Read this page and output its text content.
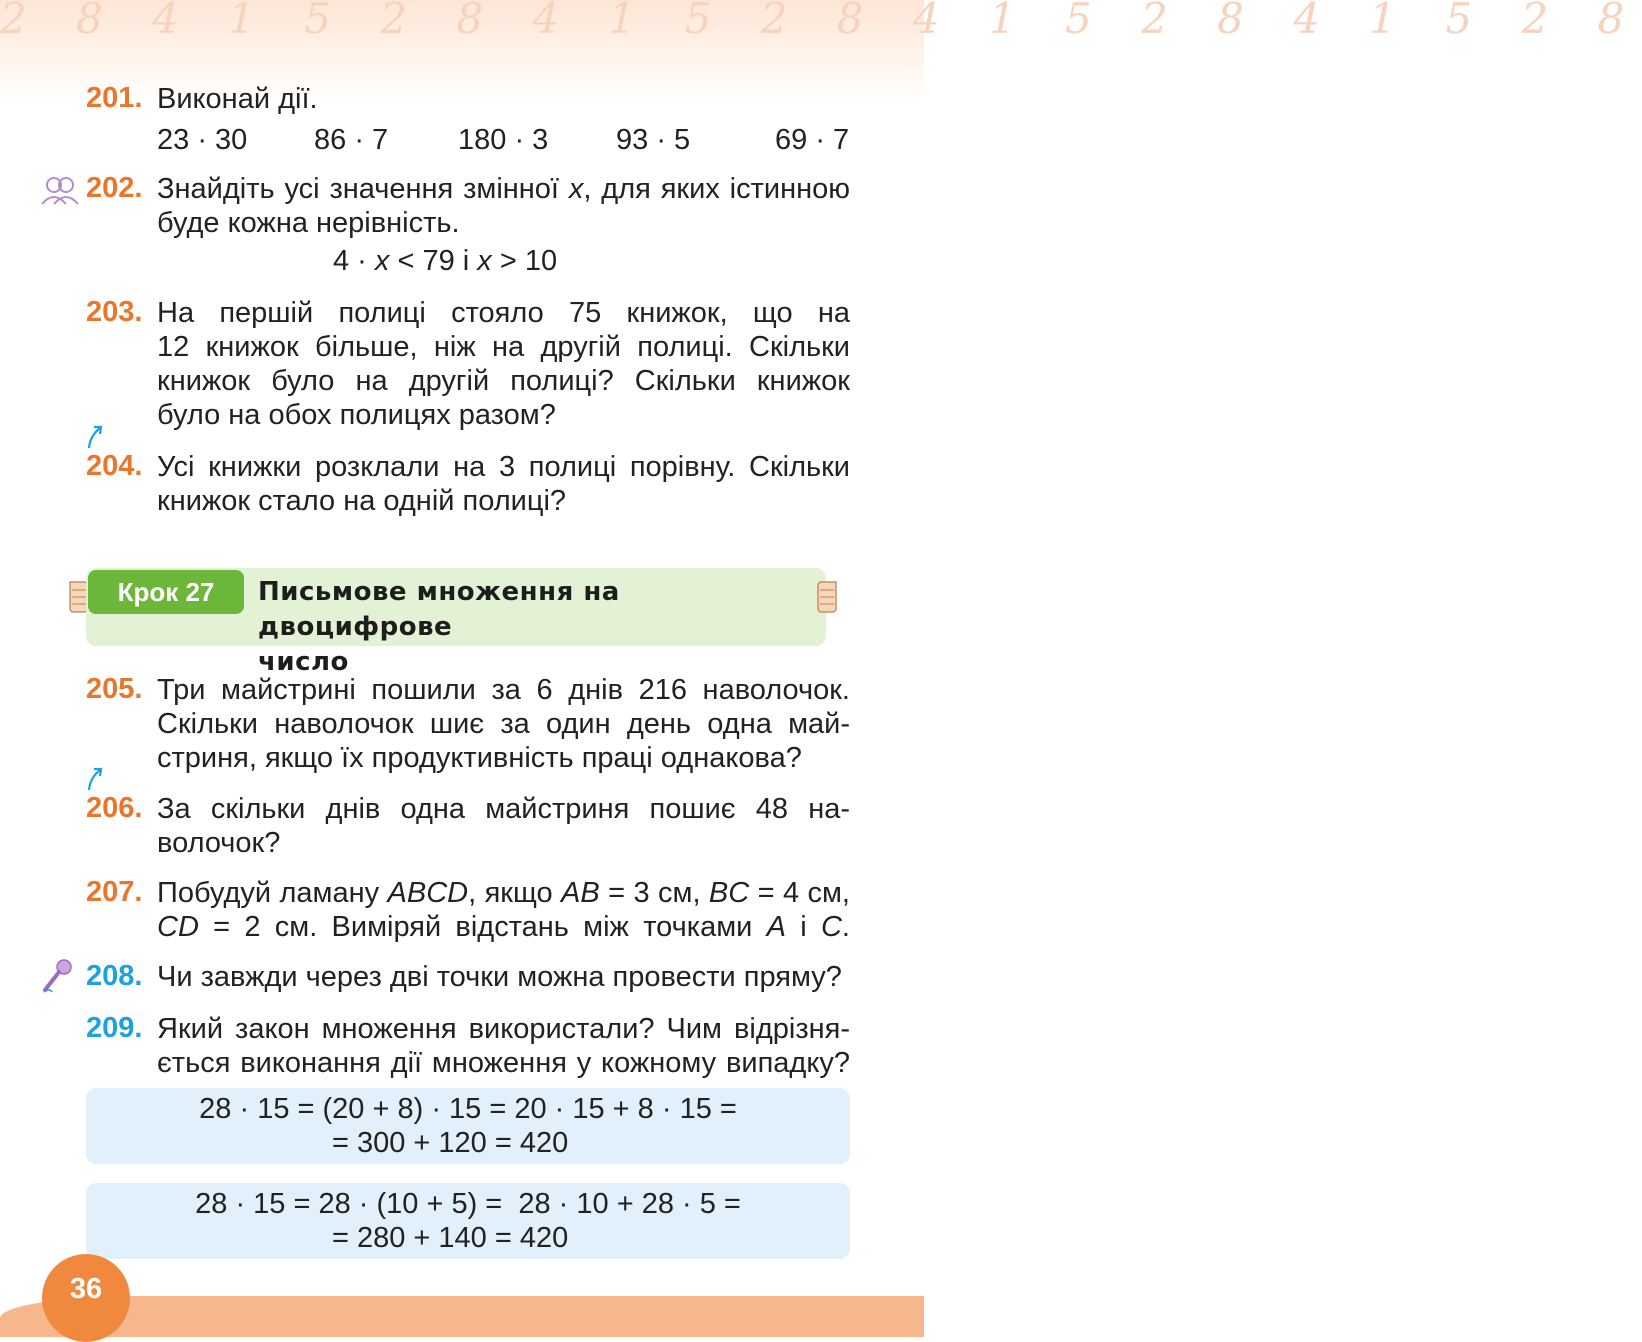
2 8 4 1 5 2 8 4 1 5 2 8 4 1 5 2 8 4 1 5 2 8
201. Виконай дії.
23 · 30 86 · 7 180 · 3 93 · 5	69 · 7
202. Знайдіть усі значення змінної x, для яких істинною
буде кожна нерівність.
4 · x < 79 і x > 10
203. На першій полиці стояло 75 книжок, що на
12 книжок більше, ніж на другій полиці. Скільки
книжок було на другій полиці? Скільки книжок
було на обох полицях разом?
204. Усі книжки розклали на 3 полиці порівну. Скільки
книжок стало на одній полиці?
Крок 27	Письмове множення на двоцифрове
число
205. Три майстрині пошили за 6 днів 216 наволочок.
Скільки наволочок шиє за один день одна май-
стриня, якщо їх продуктивність праці однакова?
206. За скільки днів одна майстриня пошиє 48 на-
волочок?
207. Побудуй ламану ABCD, якщо AB = 3 см, BC = 4 см,
CD = 2 см. Виміряй відстань між точками A і C.
208. Чи завжди через дві точки можна провести пряму?
209. Який закон множення використали? Чим відрізня-
ється виконання дії множення у кожному випадку?
28 · 15 = (20 + 8) · 15 = 20 · 15 + 8 · 15 =
= 300 + 120 = 420
28 · 15 = 28 · (10 + 5) =  28 · 10 + 28 · 5 =
= 280 + 140 = 420
36
